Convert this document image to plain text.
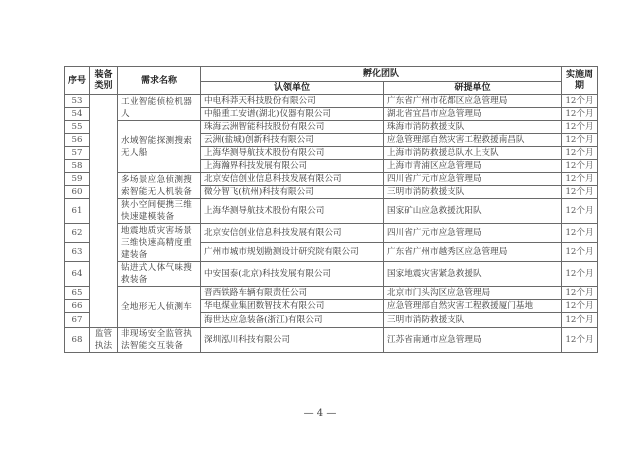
序号	装备类别	需求名称	孵化团队		实施周期
			认领单位	研提单位	
53		工业智能侦检机器人	中电科莽天科技股份有限公司	广东省广州市花都区应急管理局	12个月
54			中船重工安谱(湖北)仪器有限公司	湖北省宜昌市应急管理局	12个月
55		水域智能探测搜索无人船	珠海云洲智能科技股份有限公司	珠海市消防救援支队	12个月
56			云洲(盐城)创新科技有限公司	应急管理部自然灾害工程救援南昌队	12个月
57			上海华测导航技术股份有限公司	上海市消防救援总队水上支队	12个月
58			上海瀚界科技发展有限公司	上海市青浦区应急管理局	12个月
59		多场景应急侦测搜索智能无人机装备	北京安信创业信息科技发展有限公司	四川省广元市应急管理局	12个月
60			微分智飞(杭州)科技有限公司	三明市消防救援支队	12个月
61		狭小空间便携三维快速建模装备	上海华测导航技术股份有限公司	国家矿山应急救援沈阳队	12个月
62		地震地质灾害场景三维快速高精度重建装备	北京安信创业信息科技发展有限公司	四川省广元市应急管理局	12个月
63			广州市城市规划勘测设计研究院有限公司	广东省广州市越秀区应急管理局	12个月
64		钻进式人体气味搜救装备	中安国泰(北京)科技发展有限公司	国家地震灾害紧急救援队	12个月
65		全地形无人侦测车	晋西铁路车辆有限责任公司	北京市门头沟区应急管理局	12个月
66			华电煤业集团数智技术有限公司	应急管理部自然灾害工程救援厦门基地	12个月
67			海世达应急装备(浙江)有限公司	三明市消防救援支队	12个月
68	监管执法	非现场安全监管执法智能交互装备	深圳泓川科技有限公司	江苏省南通市应急管理局	12个月
— 4 —
